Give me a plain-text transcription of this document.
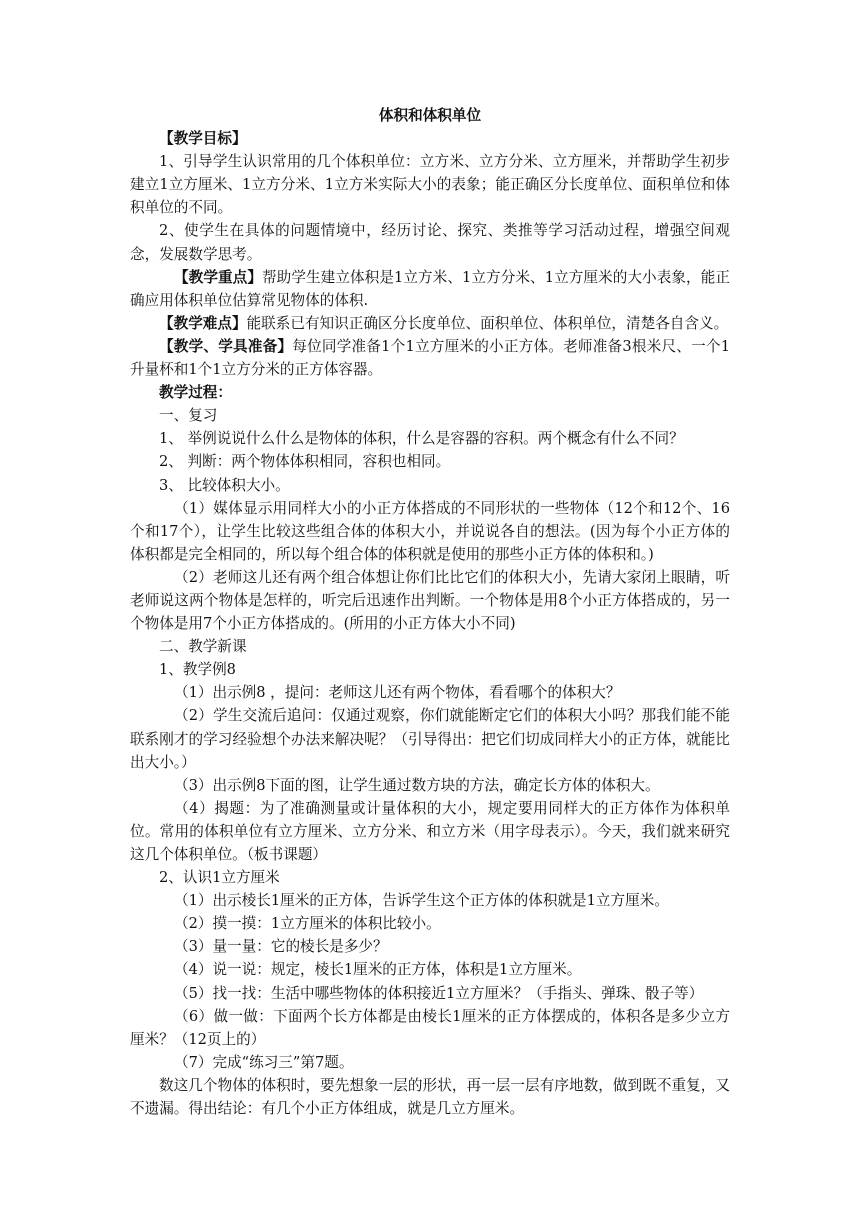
体积和体积单位

【教学目标】

1、引导学生认识常用的几个体积单位：立方米、立方分米、立方厘米，并帮助学生初步建立1立方厘米、1立方分米、1立方米实际大小的表象；能正确区分长度单位、面积单位和体积单位的不同。

2、使学生在具体的问题情境中，经历讨论、探究、类推等学习活动过程，增强空间观念，发展数学思考。

【教学重点】帮助学生建立体积是1立方米、1立方分米、1立方厘米的大小表象，能正确应用体积单位估算常见物体的体积.

【教学难点】能联系已有知识正确区分长度单位、面积单位、体积单位，清楚各自含义。

【教学、学具准备】每位同学准备1个1立方厘米的小正方体。老师准备3根米尺、一个1升量杯和1个1立方分米的正方体容器。

教学过程：

一、复习

1、 举例说说什么什么是物体的体积，什么是容器的容积。两个概念有什么不同？

2、 判断：两个物体体积相同，容积也相同。

3、 比较体积大小。

（1）媒体显示用同样大小的小正方体搭成的不同形状的一些物体（12个和12个、16个和17个），让学生比较这些组合体的体积大小，并说说各自的想法。(因为每个小正方体的体积都是完全相同的，所以每个组合体的体积就是使用的那些小正方体的体积和。)

（2）老师这儿还有两个组合体想让你们比比它们的体积大小，先请大家闭上眼睛，听老师说这两个物体是怎样的，听完后迅速作出判断。一个物体是用8个小正方体搭成的，另一个物体是用7个小正方体搭成的。(所用的小正方体大小不同)

二、教学新课

1、教学例8

（1）出示例8 ，提问：老师这儿还有两个物体，看看哪个的体积大？

（2）学生交流后追问：仅通过观察，你们就能断定它们的体积大小吗？那我们能不能联系刚才的学习经验想个办法来解决呢？（引导得出：把它们切成同样大小的正方体，就能比出大小。）

（3）出示例8下面的图，让学生通过数方块的方法，确定长方体的体积大。

（4）揭题：为了准确测量或计量体积的大小，规定要用同样大的正方体作为体积单位。常用的体积单位有立方厘米、立方分米、和立方米（用字母表示）。今天，我们就来研究这几个体积单位。（板书课题）

2、认识1立方厘米

（1）出示棱长1厘米的正方体，告诉学生这个正方体的体积就是1立方厘米。

（2）摸一摸：1立方厘米的体积比较小。

（3）量一量：它的棱长是多少？

（4）说一说：规定，棱长1厘米的正方体，体积是1立方厘米。

（5）找一找：生活中哪些物体的体积接近1立方厘米？（手指头、弹珠、骰子等）

（6）做一做：下面两个长方体都是由棱长1厘米的正方体摆成的，体积各是多少立方厘米？（12页上的）

（7）完成“练习三”第7题。

数这几个物体的体积时，要先想象一层的形状，再一层一层有序地数，做到既不重复，又不遗漏。得出结论：有几个小正方体组成，就是几立方厘米。
